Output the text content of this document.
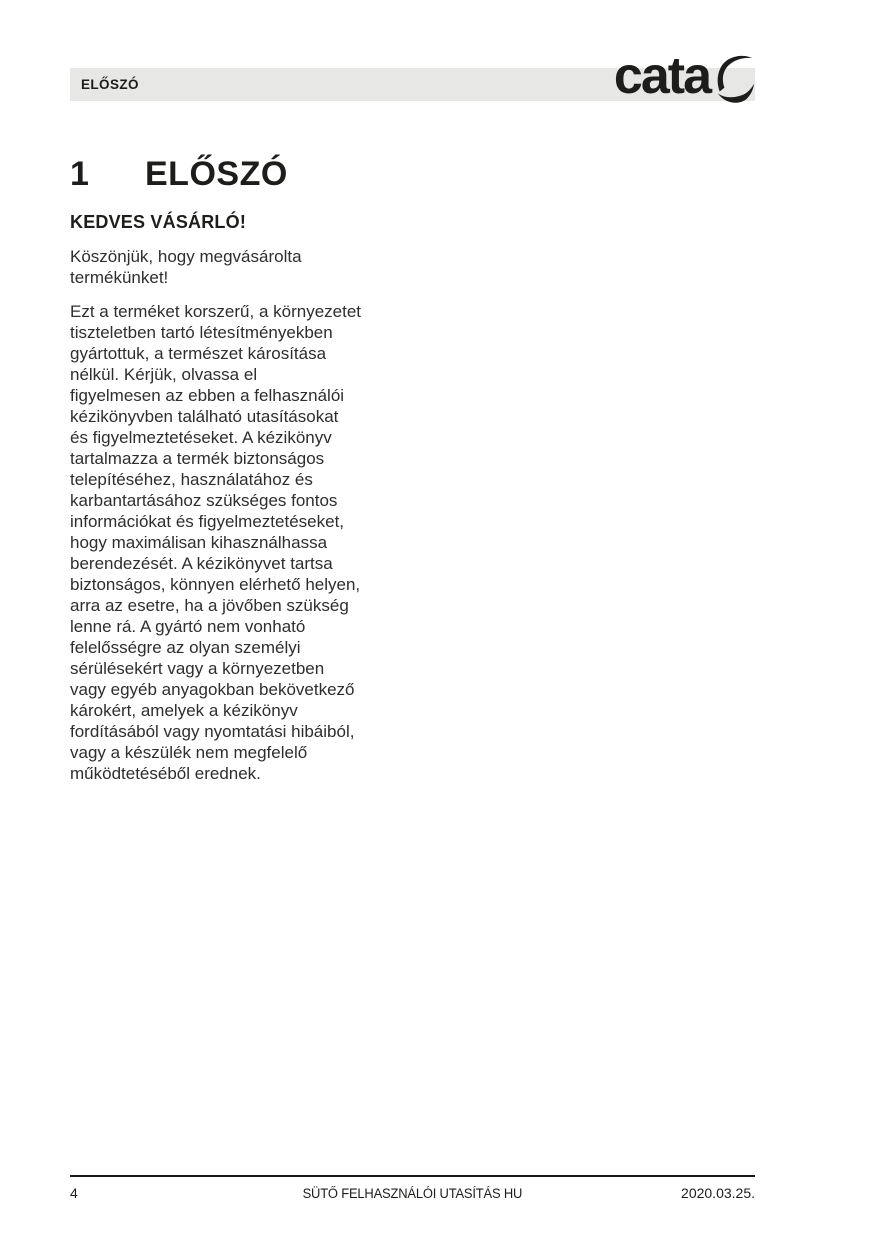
ELŐSZÓ	cata
1 ELŐSZÓ
KEDVES VÁSÁRLÓ!
Köszönjük, hogy megvásárolta
termékünket!
Ezt a terméket korszerű, a környezetet
tiszteletben tartó létesítményekben
gyártottuk, a természet károsítása
nélkül. Kérjük, olvassa el
figyelmesen az ebben a felhasználói
kézikönyvben található utasításokat
és figyelmeztetéseket. A kézikönyv
tartalmazza a termék biztonságos
telepítéséhez, használatához és
karbantartásához szükséges fontos
információkat és figyelmeztetéseket,
hogy maximálisan kihasználhassa
berendezését. A kézikönyvet tartsa
biztonságos, könnyen elérhető helyen,
arra az esetre, ha a jövőben szükség
lenne rá. A gyártó nem vonható
felelősségre az olyan személyi
sérülésekért vagy a környezetben
vagy egyéb anyagokban bekövetkező
károkért, amelyek a kézikönyv
fordításából vagy nyomtatási hibáiból,
vagy a készülék nem megfelelő
működtetéséből erednek.
4	SÜTŐ FELHASZNÁLÓI UTASÍTÁS HU	2020.03.25.
